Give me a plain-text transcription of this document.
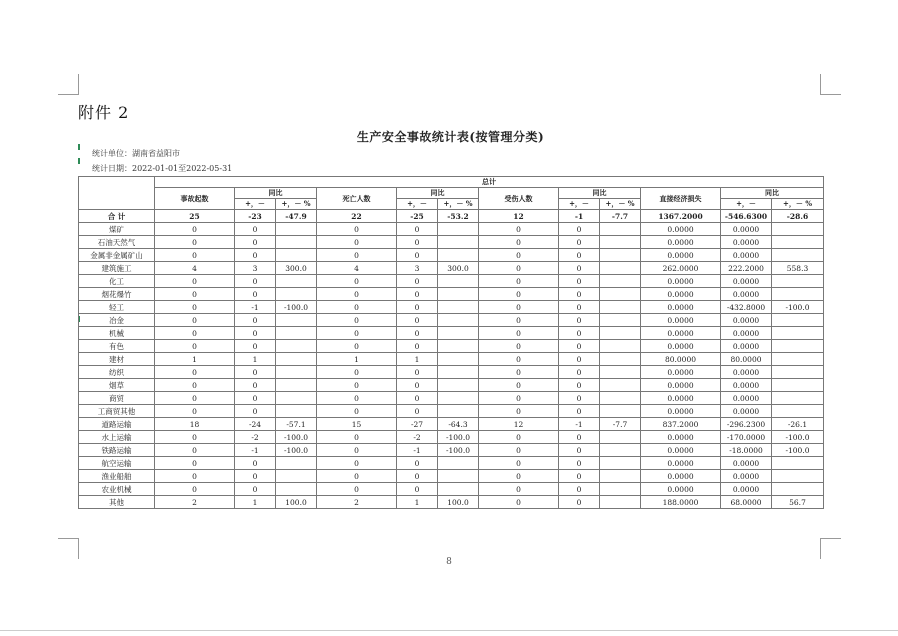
附件 2
生产安全事故统计表(按管理分类)
统计单位：湖南省益阳市
统计日期：2022-01-01至2022-05-31
	总计											
	事故起数	同比		死亡人数	同比		受伤人数	同比		直接经济损失	同比	
		+，－	+，－ %		+，－	+，－ %		+，－	+，－ %		+，－	+，－ %
合 计	25	-23	-47.9	22	-25	-53.2	12	-1	-7.7	1367.2000	-546.6300	-28.6
煤矿	0	0		0	0		0	0		0.0000	0.0000	
石油天然气	0	0		0	0		0	0		0.0000	0.0000	
金属非金属矿山	0	0		0	0		0	0		0.0000	0.0000	
建筑施工	4	3	300.0	4	3	300.0	0	0		262.0000	222.2000	558.3
化工	0	0		0	0		0	0		0.0000	0.0000	
烟花爆竹	0	0		0	0		0	0		0.0000	0.0000	
轻工	0	-1	-100.0	0	0		0	0		0.0000	-432.8000	-100.0
冶金	0	0		0	0		0	0		0.0000	0.0000	
机械	0	0		0	0		0	0		0.0000	0.0000	
有色	0	0		0	0		0	0		0.0000	0.0000	
建材	1	1		1	1		0	0		80.0000	80.0000	
纺织	0	0		0	0		0	0		0.0000	0.0000	
烟草	0	0		0	0		0	0		0.0000	0.0000	
商贸	0	0		0	0		0	0		0.0000	0.0000	
工商贸其他	0	0		0	0		0	0		0.0000	0.0000	
道路运输	18	-24	-57.1	15	-27	-64.3	12	-1	-7.7	837.2000	-296.2300	-26.1
水上运输	0	-2	-100.0	0	-2	-100.0	0	0		0.0000	-170.0000	-100.0
铁路运输	0	-1	-100.0	0	-1	-100.0	0	0		0.0000	-18.0000	-100.0
航空运输	0	0		0	0		0	0		0.0000	0.0000	
渔业船舶	0	0		0	0		0	0		0.0000	0.0000	
农业机械	0	0		0	0		0	0		0.0000	0.0000	
其他	2	1	100.0	2	1	100.0	0	0		188.0000	68.0000	56.7
8
